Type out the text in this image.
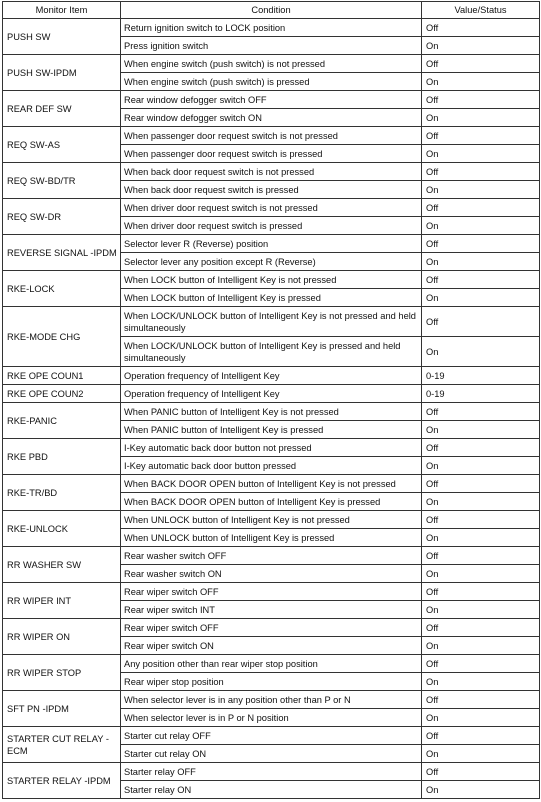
Monitor Item	Condition	Value/Status
PUSH SW	Return ignition switch to LOCK position	Off
	Press ignition switch	On
PUSH SW-IPDM	When engine switch (push switch) is not pressed	Off
	When engine switch (push switch) is pressed	On
REAR DEF SW	Rear window defogger switch OFF	Off
	Rear window defogger switch ON	On
REQ SW-AS	When passenger door request switch is not pressed	Off
	When passenger door request switch is pressed	On
REQ SW-BD/TR	When back door request switch is not pressed	Off
	When back door request switch is pressed	On
REQ SW-DR	When driver door request switch is not pressed	Off
	When driver door request switch is pressed	On
REVERSE SIGNAL -IPDM	Selector lever R (Reverse) position	Off
	Selector lever any position except R (Reverse)	On
RKE-LOCK	When LOCK button of Intelligent Key is not pressed	Off
	When LOCK button of Intelligent Key is pressed	On
RKE-MODE CHG	When LOCK/UNLOCK button of Intelligent Key is not pressed and held simultaneously	Off
	When LOCK/UNLOCK button of Intelligent Key is pressed and held simultaneously	On
RKE OPE COUN1	Operation frequency of Intelligent Key	0-19
RKE OPE COUN2	Operation frequency of Intelligent Key	0-19
RKE-PANIC	When PANIC button of Intelligent Key is not pressed	Off
	When PANIC button of Intelligent Key is pressed	On
RKE PBD	I-Key automatic back door button not pressed	Off
	I-Key automatic back door button pressed	On
RKE-TR/BD	When BACK DOOR OPEN button of Intelligent Key is not pressed	Off
	When BACK DOOR OPEN button of Intelligent Key is pressed	On
RKE-UNLOCK	When UNLOCK button of Intelligent Key is not pressed	Off
	When UNLOCK button of Intelligent Key is pressed	On
RR WASHER SW	Rear washer switch OFF	Off
	Rear washer switch ON	On
RR WIPER INT	Rear wiper switch OFF	Off
	Rear wiper switch INT	On
RR WIPER ON	Rear wiper switch OFF	Off
	Rear wiper switch ON	On
RR WIPER STOP	Any position other than rear wiper stop position	Off
	Rear wiper stop position	On
SFT PN -IPDM	When selector lever is in any position other than P or N	Off
	When selector lever is in P or N position	On
STARTER CUT RELAY -ECM	Starter cut relay OFF	Off
	Starter cut relay ON	On
STARTER RELAY -IPDM	Starter relay OFF	Off
	Starter relay ON	On
